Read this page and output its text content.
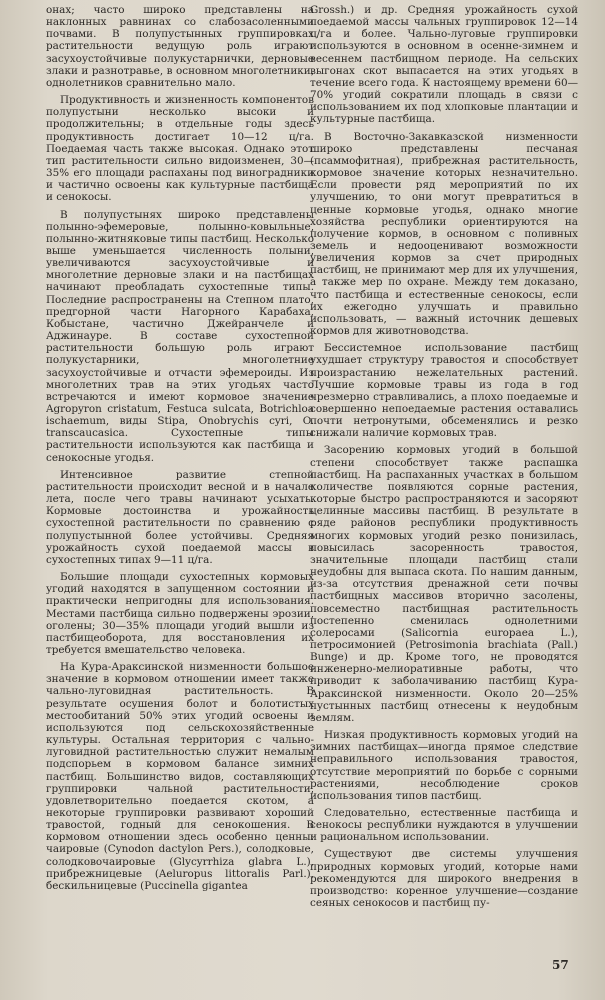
онах; часто широко представлены на наклонных равнинах со слабозасоленными почвами. В полупустынных группировках растительности ведущую роль играют засухоустойчивые полукустарнички, дерновые злаки и разнотравье, в основном многолетники, однолетников сравнительно мало.

Продуктивность и жизненность компонентов полупустыни несколько высоки и продолжительны; в отдельные годы здесь продуктивность достигает 10—12 ц/га. Поедаемая часть также высокая. Однако этот тип растительности сильно видоизменен, 30—35% его площади распаханы под виноградники и частично освоены как культурные пастбища и сенокосы.

В полупустынях широко представлены полынно-эфемеровые, полынно-ковыльные, полынно-житняковые типы пастбищ. Несколько выше уменьшается численность полыни, увеличиваются засухоустойчивые и многолетние дерновые злаки и на пастбищах начинают преобладать сухостепные типы. Последние распространены на Степном плато, предгорной части Нагорного Карабаха, Кобыстане, частично Джейранчеле и Аджинауре. В составе сухостепной растительности большую роль играют полукустарники, многолетние засухоустойчивые и отчасти эфемероиды. Из многолетних трав на этих угодьях часто встречаются и имеют кормовое значение Agropyron cristatum, Festuca sulcata, Botrichloa ischaemum, виды Stipa, Onobrychis cyri, O. transcaucasica. Сухостепные типы растительности используются как пастбища и сенокосные угодья.

Интенсивное развитие степной растительности происходит весной и в начале лета, после чего травы начинают усыхать. Кормовые достоинства и урожайность сухостепной растительности по сравнению с полупустынной более устойчивы. Средняя урожайность сухой поедаемой массы в сухостепных типах 9—11 ц/га.

Большие площади сухостепных кормовых угодий находятся в запущенном состоянии и практически непригодны для использования. Местами пастбища сильно подвержены эрозии, оголены; 30—35% площади угодий вышли из пастбищеоборота, для восстановления их требуется вмешательство человека.

На Кура-Араксинской низменности большое значение в кормовом отношении имеет также чально-луговидная растительность. В результате осушения болот и болотистых местообитаний 50% этих угодий освоены и используются под сельскохозяйственные культуры. Остальная территория с чально-луговидной растительностью служит немалым подспорьем в кормовом балансе зимних пастбищ. Большинство видов, составляющих группировки чальной растительности, удовлетворительно поедается скотом, а некоторые группировки развивают хороший травостой, годный для сенокошения. В кормовом отношении здесь особенно ценны: чаировые (Cynodon dactylon Pers.), солодковые, солодковочаировые (Glycyrrhiza glabra L.), прибрежницевые (Aeluropus littoralis Parl.), бескильницевые (Puccinella gigantea

Grossh.) и др. Средняя урожайность сухой поедаемой массы чальных группировок 12—14 ц/га и более. Чально-луговые группировки используются в основном в осенне-зимнем и весеннем пастбищном периоде. На сельских выгонах скот выпасается на этих угодьях в течение всего года. К настоящему времени 60—70% угодий сократили площадь в связи с использованием их под хлопковые плантации и культурные пастбища.

В Восточно-Закавказской низменности широко представлены песчаная (псаммофитная), прибрежная растительность, кормовое значение которых незначительно. Если провести ряд мероприятий по их улучшению, то они могут превратиться в ценные кормовые угодья, однако многие хозяйства республики ориентируются на получение кормов, в основном с поливных земель и недооценивают возможности увеличения кормов за счет природных пастбищ, не принимают мер для их улучшения, а также мер по охране. Между тем доказано, что пастбища и естественные сенокосы, если их ежегодно улучшать и правильно использовать, — важный источник дешевых кормов для животноводства.

Бессистемное использование пастбищ ухудшает структуру травостоя и способствует произрастанию нежелательных растений. Лучшие кормовые травы из года в год чрезмерно стравливались, а плохо поедаемые и совершенно непоедаемые растения оставались почти нетронутыми, обсеменялись и резко снижали наличие кормовых трав.

Засорению кормовых угодий в большой степени способствует также распашка пастбищ. На распаханных участках в большом количестве появляются сорные растения, которые быстро распространяются и засоряют целинные массивы пастбищ. В результате в ряде районов республики продуктивность многих кормовых угодий резко понизилась, повысилась засоренность травостоя, значительные площади пастбищ стали неудобны для выпаса скота. По нашим данным, из-за отсутствия дренажной сети почвы пастбищных массивов вторично засолены, повсеместно пастбищная растительность постепенно сменилась однолетними солеросами (Salicornia europaea L.), петросимонией (Petrosimonia brachiata (Pall.) Bunge) и др. Кроме того, не проводятся инженерно-мелиоративные работы, что приводит к заболачиванию пастбищ Кура-Араксинской низменности. Около 20—25% пустынных пастбищ отнесены к неудобным землям.

Низкая продуктивность кормовых угодий на зимних пастбищах—иногда прямое следствие неправильного использования травостоя, отсутствие мероприятий по борьбе с сорными растениями, несоблюдение сроков использования типов пастбищ.

Следовательно, естественные пастбища и сенокосы республики нуждаются в улучшении и рациональном использовании.

Существуют две системы улучшения природных кормовых угодий, которые нами рекомендуются для широкого внедрения в производство: коренное улучшение—создание сеяных сенокосов и пастбищ пу-

57
